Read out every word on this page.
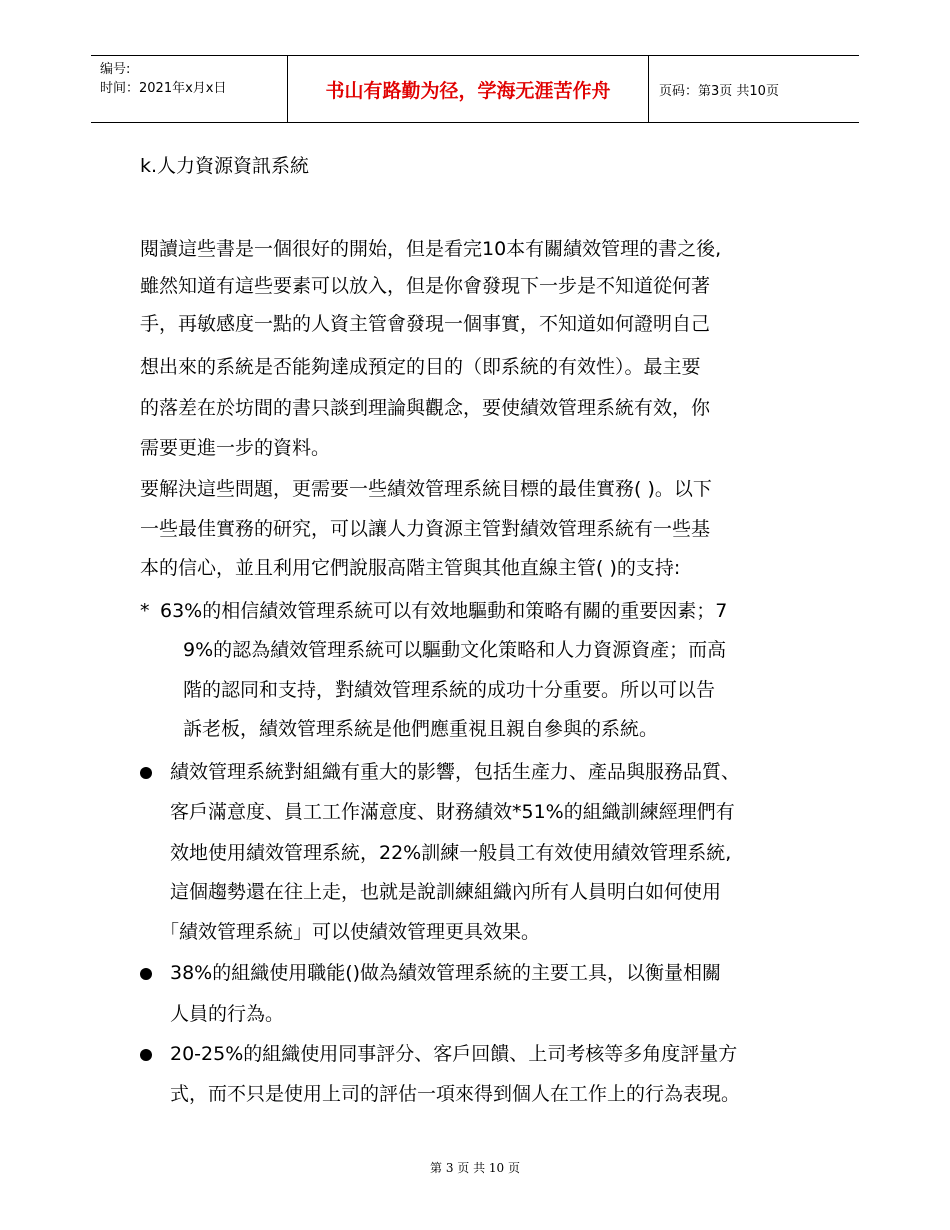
编号:
时间：2021年x月x日	书山有路勤为径，学海无涯苦作舟	页码：第3页 共10页
k.人力資源資訊系統
閱讀這些書是一個很好的開始，但是看完10本有關績效管理的書之後,
雖然知道有這些要素可以放入，但是你會發現下一步是不知道從何著
手，再敏感度一點的人資主管會發現一個事實，不知道如何證明自己
想出來的系統是否能夠達成預定的目的（即系統的有效性）。最主要
的落差在於坊間的書只談到理論與觀念，要使績效管理系統有效，你
需要更進一步的資料。
要解決這些問題，更需要一些績效管理系統目標的最佳實務( )。以下
一些最佳實務的研究，可以讓人力資源主管對績效管理系統有一些基
本的信心，並且利用它們說服高階主管與其他直線主管( )的支持:
* 63%的相信績效管理系統可以有效地驅動和策略有關的重要因素；7
9%的認為績效管理系統可以驅動文化策略和人力資源資產；而高
階的認同和支持，對績效管理系統的成功十分重要。所以可以告
訴老板，績效管理系統是他們應重視且親自參與的系統。
績效管理系統對組織有重大的影響，包括生產力、產品與服務品質、
客戶滿意度、員工工作滿意度、財務績效*51%的組織訓練經理們有
效地使用績效管理系統，22%訓練一般員工有效使用績效管理系統,
這個趨勢還在往上走，也就是說訓練組織內所有人員明白如何使用
「績效管理系統」可以使績效管理更具效果。
38%的組織使用職能()做為績效管理系統的主要工具，以衡量相關
人員的行為。
20-25%的組織使用同事評分、客戶回饋、上司考核等多角度評量方
式，而不只是使用上司的評估一項來得到個人在工作上的行為表現。
第 3 页 共 10 页
